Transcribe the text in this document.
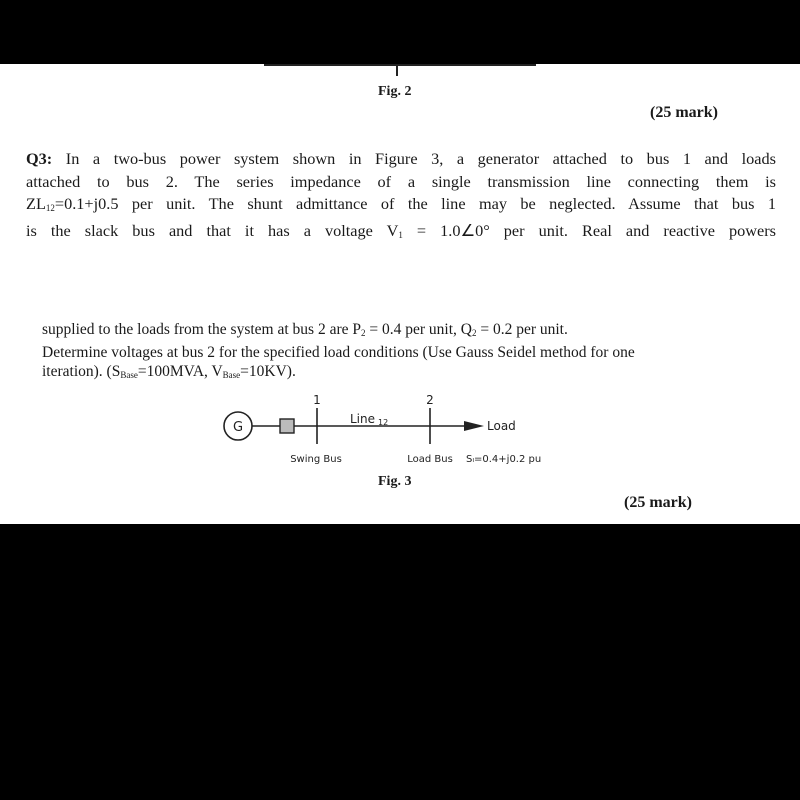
Fig. 2
(25 mark)
Q3: In a two-bus power system shown in Figure 3, a generator attached to bus 1 and loads
attached to bus 2. The series impedance of a single transmission line connecting them is
$ZL_{12}=0.1+j0.5$ per unit. The shunt admittance of the line may be neglected. Assume that bus 1
is the slack bus and that it has a voltage $V_1$ = 1.0∠0° per unit. Real and reactive powers
supplied to the loads from the system at bus 2 are $P_2 = 0.4$ per unit, $Q_2 = 0.2$ per unit.
Determine voltages at bus 2 for the specified load conditions (Use Gauss Seidel method for one
iteration). ($S_{Base}=100MVA$, $V_{Base}=10KV$).
G
1
Line 12
2
Load
Swing Bus	Load Bus Sₗ=0.4+j0.2 pu
Fig. 3
(25 mark)
